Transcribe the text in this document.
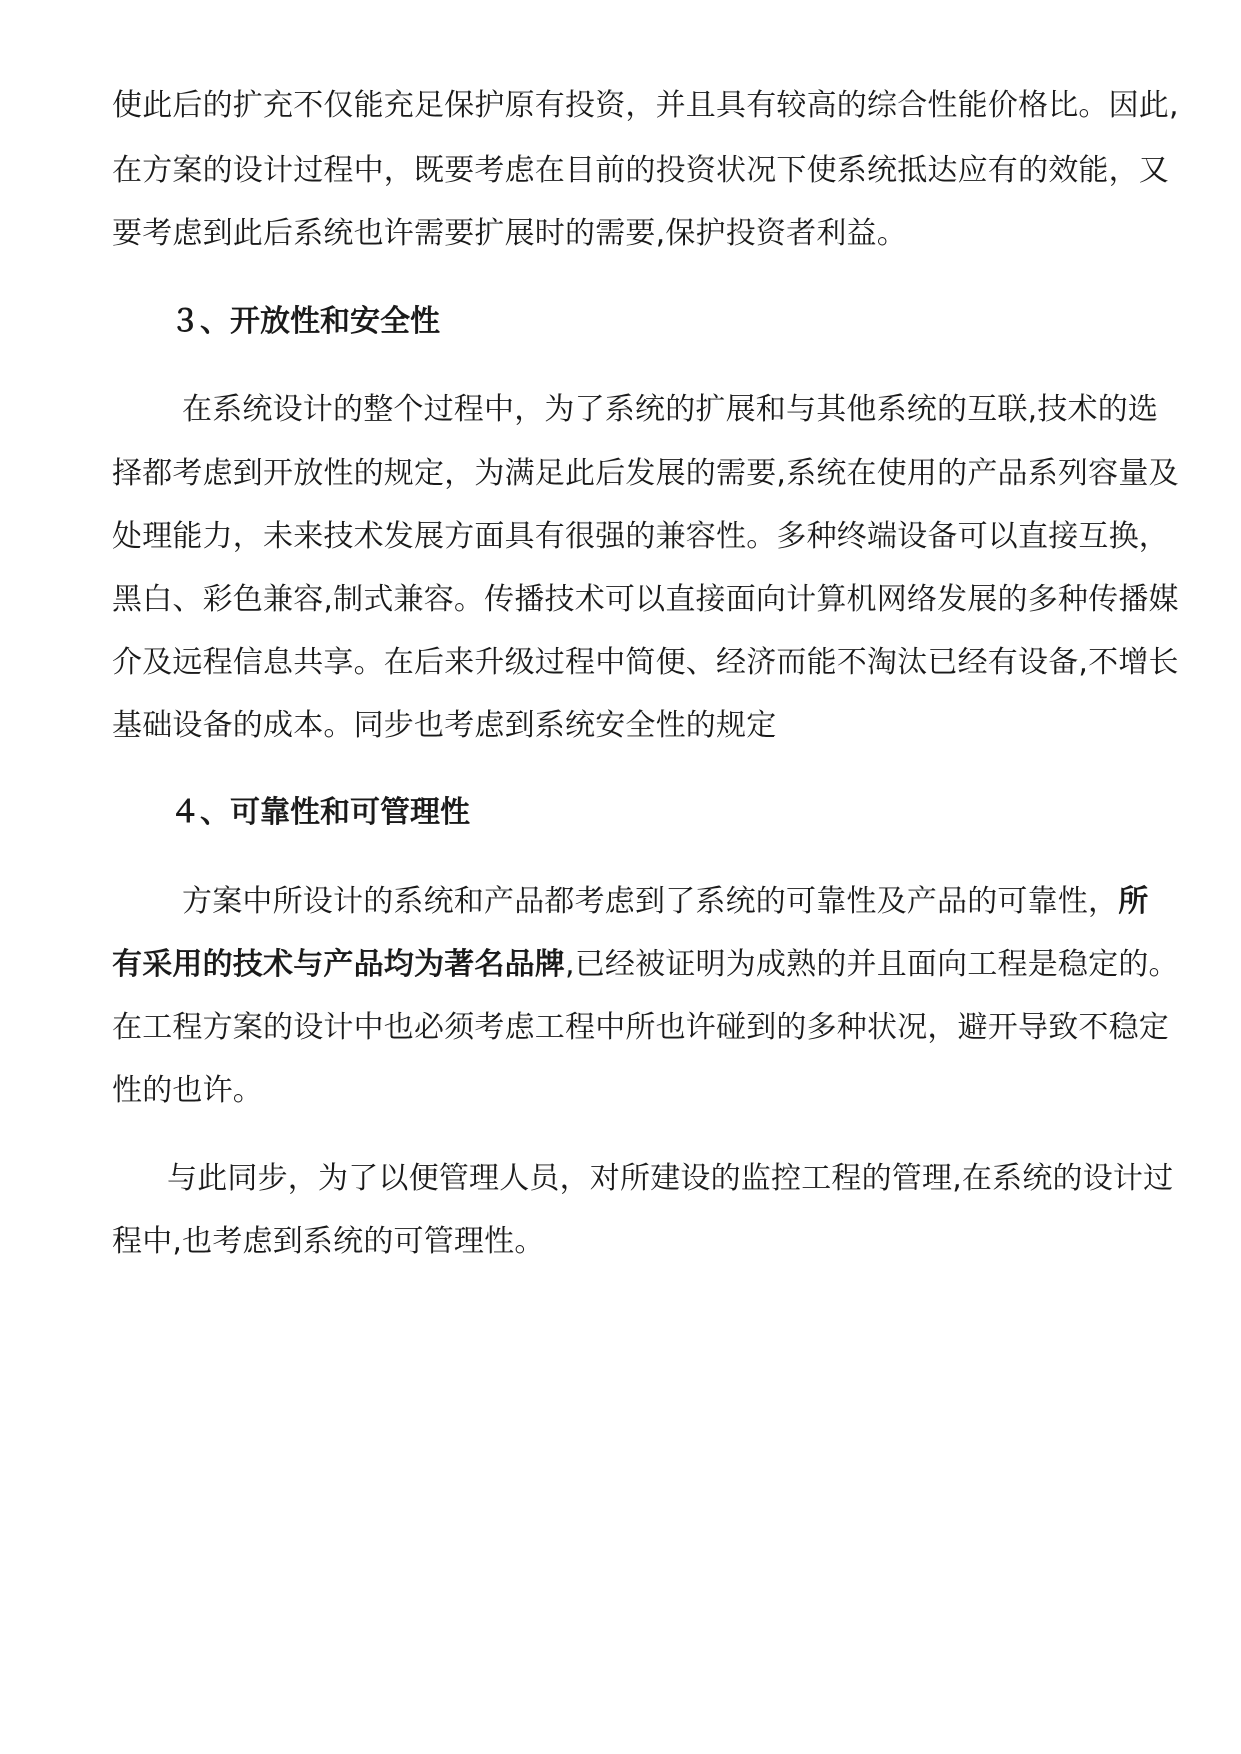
使此后的扩充不仅能充足保护原有投资，并且具有较高的综合性能价格比。因此,
在方案的设计过程中，既要考虑在目前的投资状况下使系统抵达应有的效能，又
要考虑到此后系统也许需要扩展时的需要,保护投资者利益。
３、开放性和安全性
在系统设计的整个过程中，为了系统的扩展和与其他系统的互联,技术的选
择都考虑到开放性的规定，为满足此后发展的需要,系统在使用的产品系列容量及
处理能力，未来技术发展方面具有很强的兼容性。多种终端设备可以直接互换，
黑白、彩色兼容,制式兼容。传播技术可以直接面向计算机网络发展的多种传播媒
介及远程信息共享。在后来升级过程中简便、经济而能不淘汰已经有设备,不增长
基础设备的成本。同步也考虑到系统安全性的规定
４、可靠性和可管理性
方案中所设计的系统和产品都考虑到了系统的可靠性及产品的可靠性，所
有采用的技术与产品均为著名品牌,已经被证明为成熟的并且面向工程是稳定的。
在工程方案的设计中也必须考虑工程中所也许碰到的多种状况，避开导致不稳定
性的也许。
与此同步，为了以便管理人员，对所建设的监控工程的管理,在系统的设计过
程中,也考虑到系统的可管理性。
